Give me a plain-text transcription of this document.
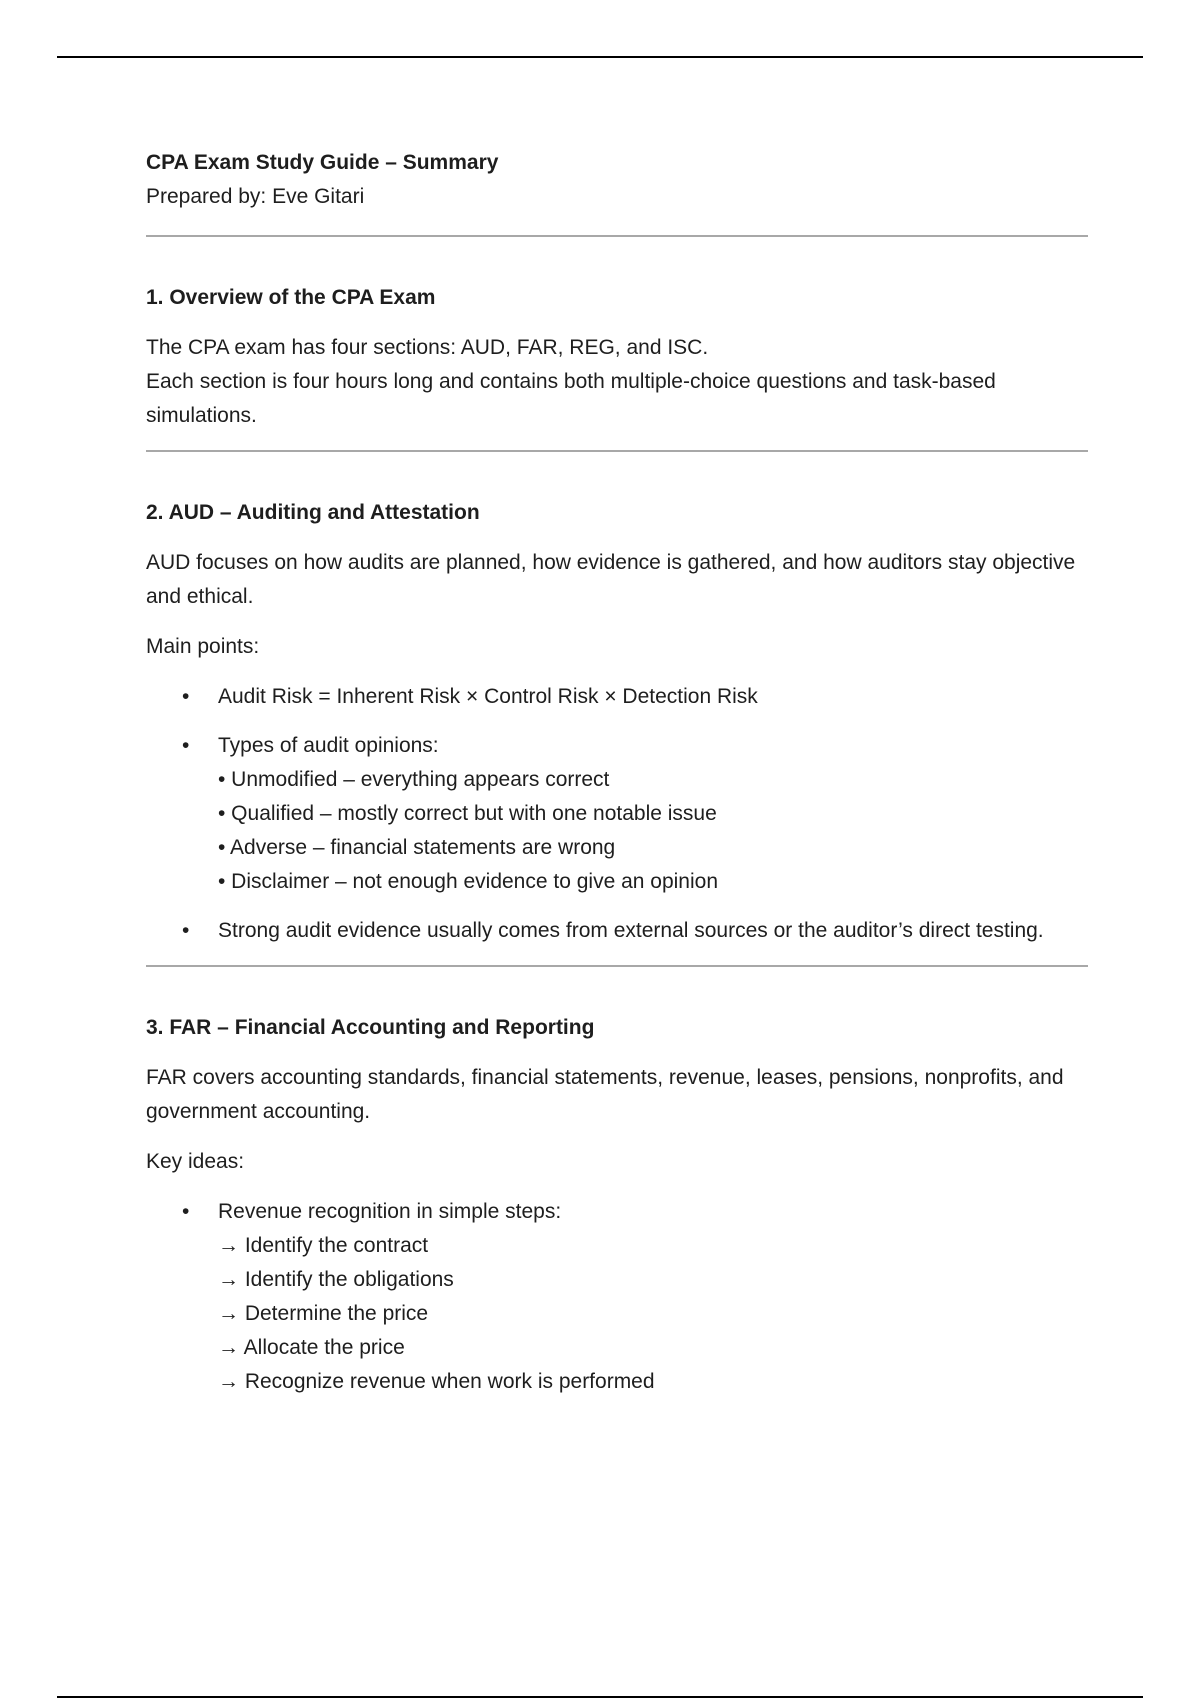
CPA Exam Study Guide – Summary

Prepared by: Eve Gitari

1. Overview of the CPA Exam

The CPA exam has four sections: AUD, FAR, REG, and ISC.
Each section is four hours long and contains both multiple-choice questions and task-based simulations.

2. AUD – Auditing and Attestation

AUD focuses on how audits are planned, how evidence is gathered, and how auditors stay objective and ethical.

Main points:

• Audit Risk = Inherent Risk × Control Risk × Detection Risk
• Types of audit opinions:
• Unmodified – everything appears correct
• Qualified – mostly correct but with one notable issue
• Adverse – financial statements are wrong
• Disclaimer – not enough evidence to give an opinion
• Strong audit evidence usually comes from external sources or the auditor’s direct testing.

3. FAR – Financial Accounting and Reporting

FAR covers accounting standards, financial statements, revenue, leases, pensions, nonprofits, and government accounting.

Key ideas:

• Revenue recognition in simple steps:
→ Identify the contract
→ Identify the obligations
→ Determine the price
→ Allocate the price
→ Recognize revenue when work is performed
